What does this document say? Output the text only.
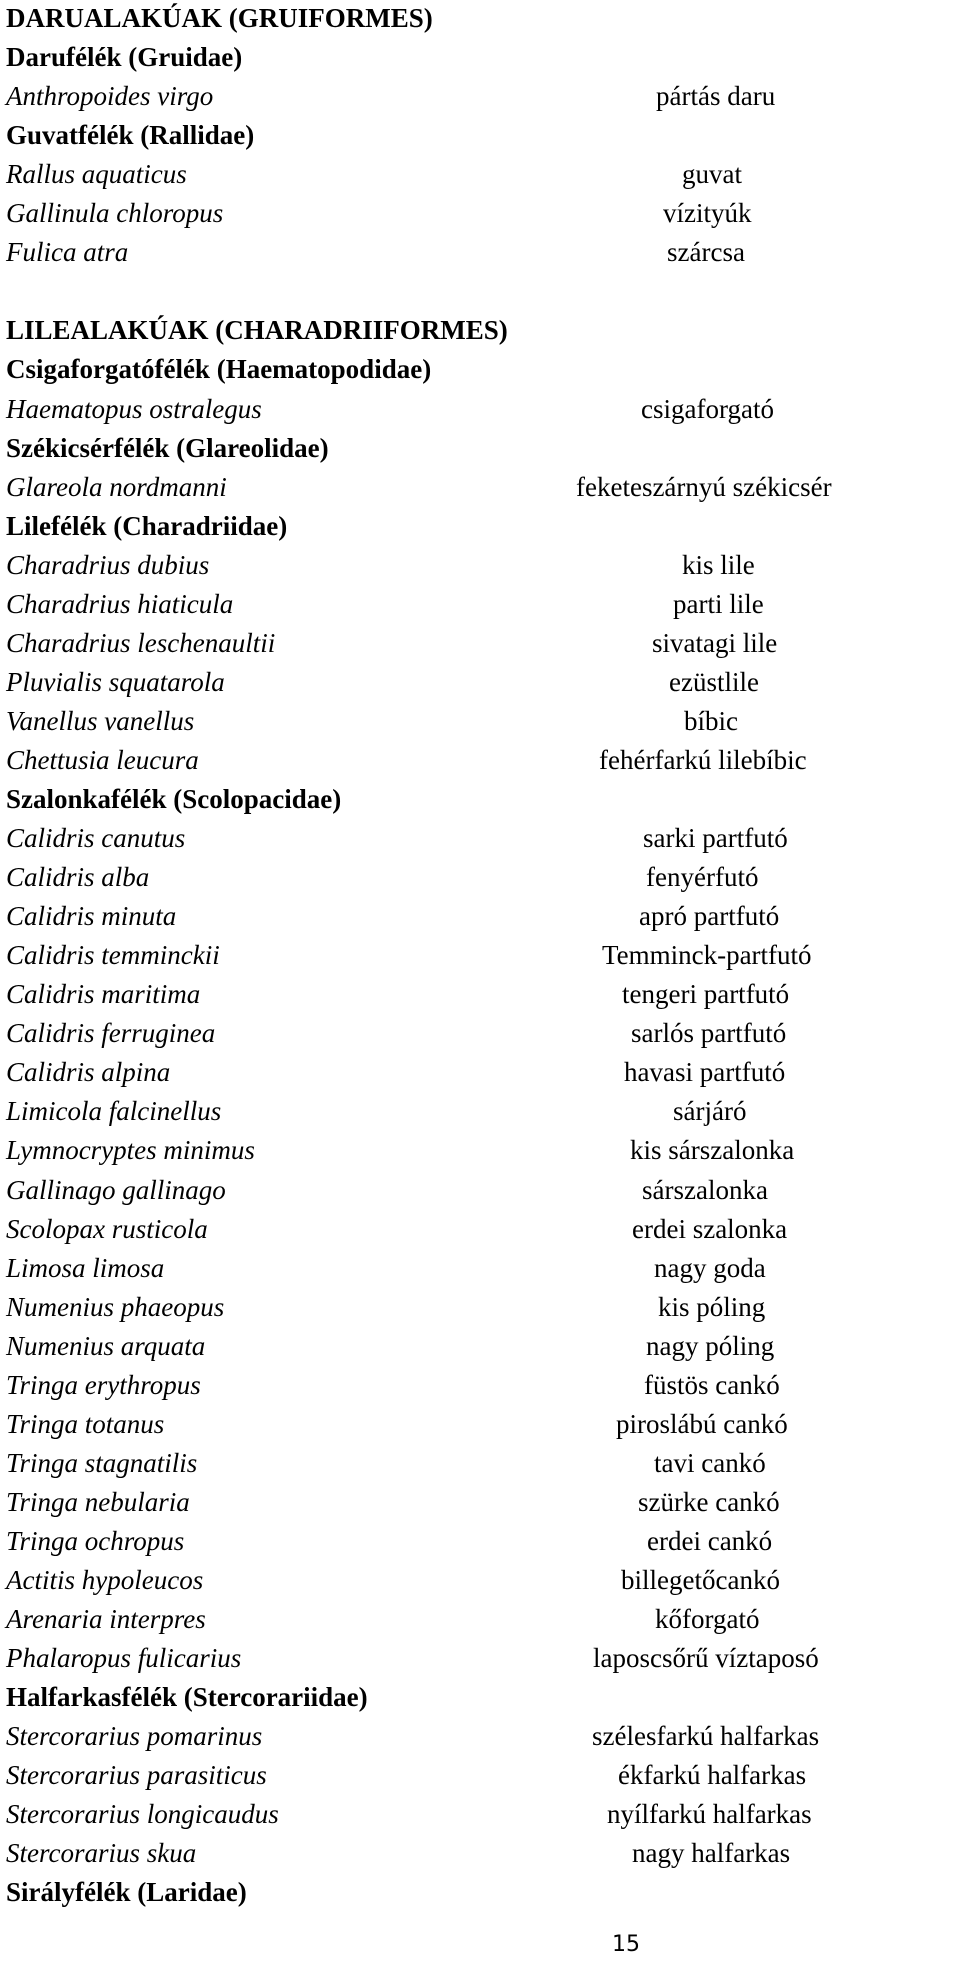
DARUALAKÚAK (GRUIFORMES)
Darufélék (Gruidae)
Anthropoides virgo	pártás daru
Guvatfélék (Rallidae)
Rallus aquaticus	guvat
Gallinula chloropus	vízityúk
Fulica atra	szárcsa
LILEALAKÚAK (CHARADRIIFORMES)
Csigaforgatófélék (Haematopodidae)
Haematopus ostralegus	csigaforgató
Székicsérfélék (Glareolidae)
Glareola nordmanni	feketeszárnyú székicsér
Lilefélék (Charadriidae)
Charadrius dubius	kis lile
Charadrius hiaticula	parti lile
Charadrius leschenaultii	sivatagi lile
Pluvialis squatarola	ezüstlile
Vanellus vanellus	bíbic
Chettusia leucura	fehérfarkú lilebíbic
Szalonkafélék (Scolopacidae)
Calidris canutus	sarki partfutó
Calidris alba	fenyérfutó
Calidris minuta	apró partfutó
Calidris temminckii	Temminck-partfutó
Calidris maritima	tengeri partfutó
Calidris ferruginea	sarlós partfutó
Calidris alpina	havasi partfutó
Limicola falcinellus	sárjáró
Lymnocryptes minimus	kis sárszalonka
Gallinago gallinago	sárszalonka
Scolopax rusticola	erdei szalonka
Limosa limosa	nagy goda
Numenius phaeopus	kis póling
Numenius arquata	nagy póling
Tringa erythropus	füstös cankó
Tringa totanus	piroslábú cankó
Tringa stagnatilis	tavi cankó
Tringa nebularia	szürke cankó
Tringa ochropus	erdei cankó
Actitis hypoleucos	billegetőcankó
Arenaria interpres	kőforgató
Phalaropus fulicarius	laposcsőrű víztaposó
Halfarkasfélék (Stercorariidae)
Stercorarius pomarinus	szélesfarkú halfarkas
Stercorarius parasiticus	ékfarkú halfarkas
Stercorarius longicaudus	nyílfarkú halfarkas
Stercorarius skua	nagy halfarkas
Sirályfélék (Laridae)
15
